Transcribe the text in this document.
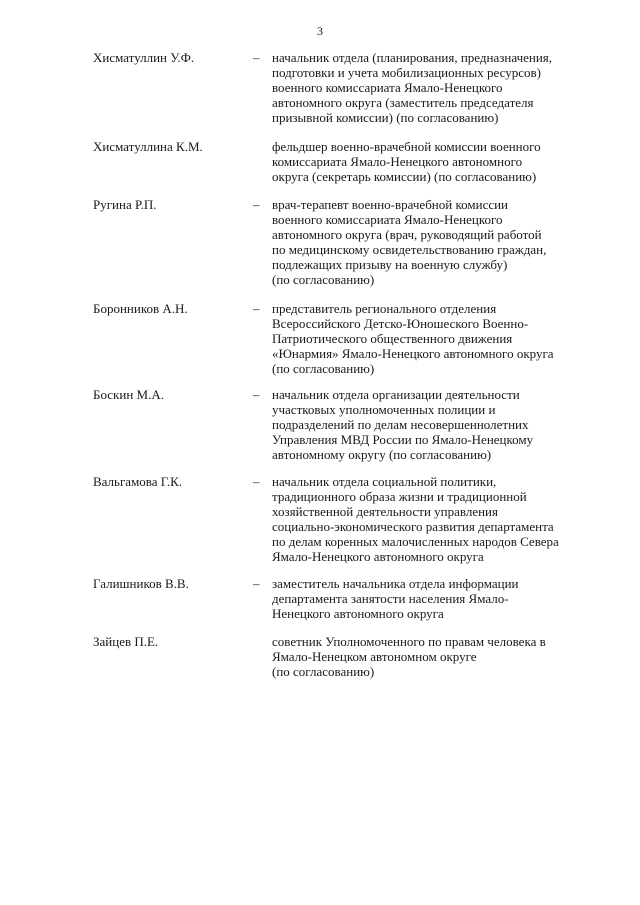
3
Хисматуллин У.Ф.	– начальник отдела (планирования, предназначения,
подготовки и учета мобилизационных ресурсов)
военного комиссариата Ямало-Ненецкого
автономного округа (заместитель председателя
призывной комиссии) (по согласованию)
Хисматуллина К.М.	фельдшер военно-врачебной комиссии военного
комиссариата Ямало-Ненецкого автономного
округа (секретарь комиссии) (по согласованию)
Ругина Р.П.	– врач-терапевт военно-врачебной комиссии
военного комиссариата Ямало-Ненецкого
автономного округа (врач, руководящий работой
по медицинскому освидетельствованию граждан,
подлежащих призыву на военную службу)
(по согласованию)
Боронников А.Н.	– представитель регионального отделения
Всероссийского Детско-Юношеского Военно-
Патриотического общественного движения
«Юнармия» Ямало-Ненецкого автономного округа
(по согласованию)
Боскин М.А.	– начальник отдела организации деятельности
участковых уполномоченных полиции и
подразделений по делам несовершеннолетних
Управления МВД России по Ямало-Ненецкому
автономному округу (по согласованию)
Вальгамова Г.К.	– начальник отдела социальной политики,
традиционного образа жизни и традиционной
хозяйственной деятельности управления
социально-экономического развития департамента
по делам коренных малочисленных народов Севера
Ямало-Ненецкого автономного округа
Галишников В.В.	– заместитель начальника отдела информации
департамента занятости населения Ямало-
Ненецкого автономного округа
Зайцев П.Е.	советник Уполномоченного по правам человека в
Ямало-Ненецком автономном округе
(по согласованию)
